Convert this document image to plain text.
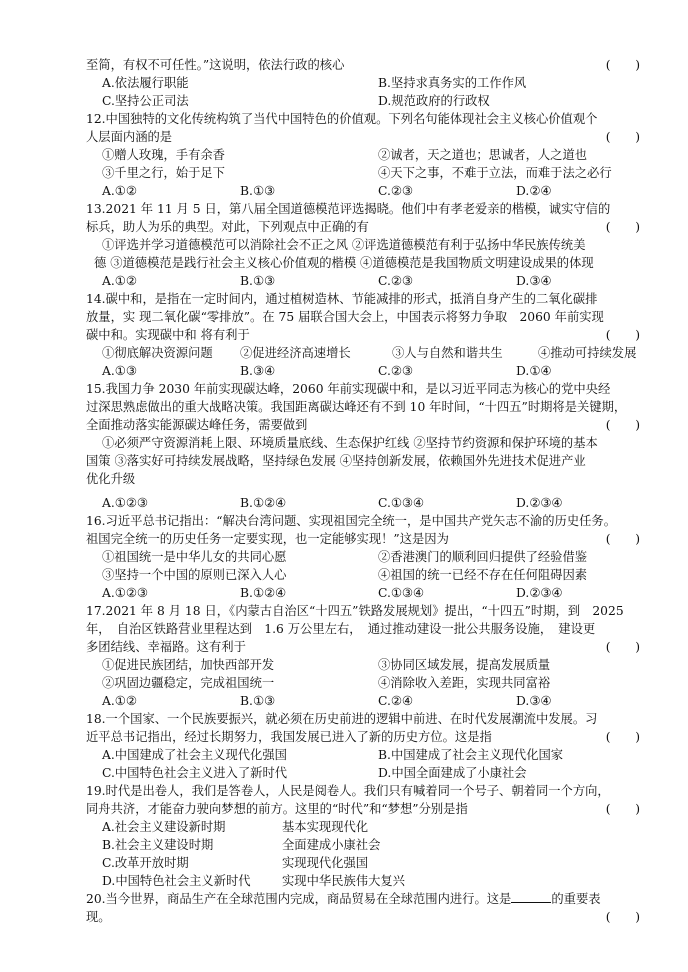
至简，有权不可任性。”这说明，依法行政的核心	(　　)
A.依法履行职能	B.坚持求真务实的工作作风
C.坚持公正司法	D.规范政府的行政权
12.中国独特的文化传统构筑了当代中国特色的价值观。下列名句能体现社会主义核心价值观个
人层面内涵的是	(　　)
①赠人玫瑰，手有余香	②诚者，天之道也；思诚者，人之道也
③千里之行，始于足下	④天下之事，不难于立法，而难于法之必行
A.①②	B.①③	C.②③	D.②④
13.2021 年 11 月 5 日，第八届全国道德模范评选揭晓。他们中有孝老爱亲的楷模，诚实守信的
标兵，助人为乐的典型。对此，下列观点中正确的有	(　　)
①评选并学习道德模范可以消除社会不正之风 ②评选道德模范有利于弘扬中华民族传统美
德 ③道德模范是践行社会主义核心价值观的楷模 ④道德模范是我国物质文明建设成果的体现
A.①②	B.①③	C.②③	D.③④
14.碳中和，是指在一定时间内，通过植树造林、节能减排的形式，抵消自身产生的二氧化碳排
放量，实 现二氧化碳“零排放”。在 75 届联合国大会上，中国表示将努力争取　2060 年前实现
碳中和。实现碳中和 将有利于	(　　)
①彻底解决资源问题 ②促进经济高速增长	③人与自然和谐共生	④推动可持续发展
A.①③	B.③④	C.②③	D.①④
15.我国力争 2030 年前实现碳达峰，2060 年前实现碳中和，是以习近平同志为核心的党中央经
过深思熟虑做出的重大战略决策。我国距离碳达峰还有不到 10 年时间，“十四五”时期将是关键期，
全面推动落实能源碳达峰任务，需要做到	(　　)
①必须严守资源消耗上限、环境质量底线、生态保护红线 ②坚持节约资源和保护环境的基本
国策 ③落实好可持续发展战略，坚持绿色发展 ④坚持创新发展，依赖国外先进技术促进产业
优化升级
A.①②③	B.①②④	C.①③④	D.②③④
16.习近平总书记指出：“解决台湾问题、实现祖国完全统一，是中国共产党矢志不渝的历史任务。
祖国完全统一的历史任务一定要实现，也一定能够实现！”这是因为	(　　)
①祖国统一是中华儿女的共同心愿	②香港澳门的顺利回归提供了经验借鉴
③坚持一个中国的原则已深入人心	④祖国的统一已经不存在任何阻碍因素
A.①②③	B.①②④	C.①③④	D.②③④
17.2021 年 8 月 18 日，《内蒙古自治区“十四五”铁路发展规划》提出，“十四五”时期，到　2025
年，　自治区铁路营业里程达到　1.6 万公里左右，　通过推动建设一批公共服务设施，　建设更
多团结线、幸福路。这有利于	(　　)
①促进民族团结，加快西部开发	③协同区域发展，提高发展质量
②巩固边疆稳定，完成祖国统一	④消除收入差距，实现共同富裕
A.①②	B.①③	C.②④	D.③④
18.一个国家、一个民族要振兴，就必须在历史前进的逻辑中前进、在时代发展潮流中发展。习
近平总书记指出，经过长期努力，我国发展已进入了新的历史方位。这是指	(　　)
A.中国建成了社会主义现代化强国	B.中国建成了社会主义现代化国家
C.中国特色社会主义进入了新时代	D.中国全面建成了小康社会
19.时代是出卷人，我们是答卷人，人民是阅卷人。我们只有喊着同一个号子、朝着同一个方向，
同舟共济，才能奋力驶向梦想的前方。这里的“时代”和“梦想”分别是指	(　　)
A.社会主义建设新时期	基本实现现代化
B.社会主义建设时期	全面建成小康社会
C.改革开放时期	实现现代化强国
D.中国特色社会主义新时代	实现中华民族伟大复兴
20.当今世界，商品生产在全球范围内完成，商品贸易在全球范围内进行。这是	的重要表
现。	(　　)
